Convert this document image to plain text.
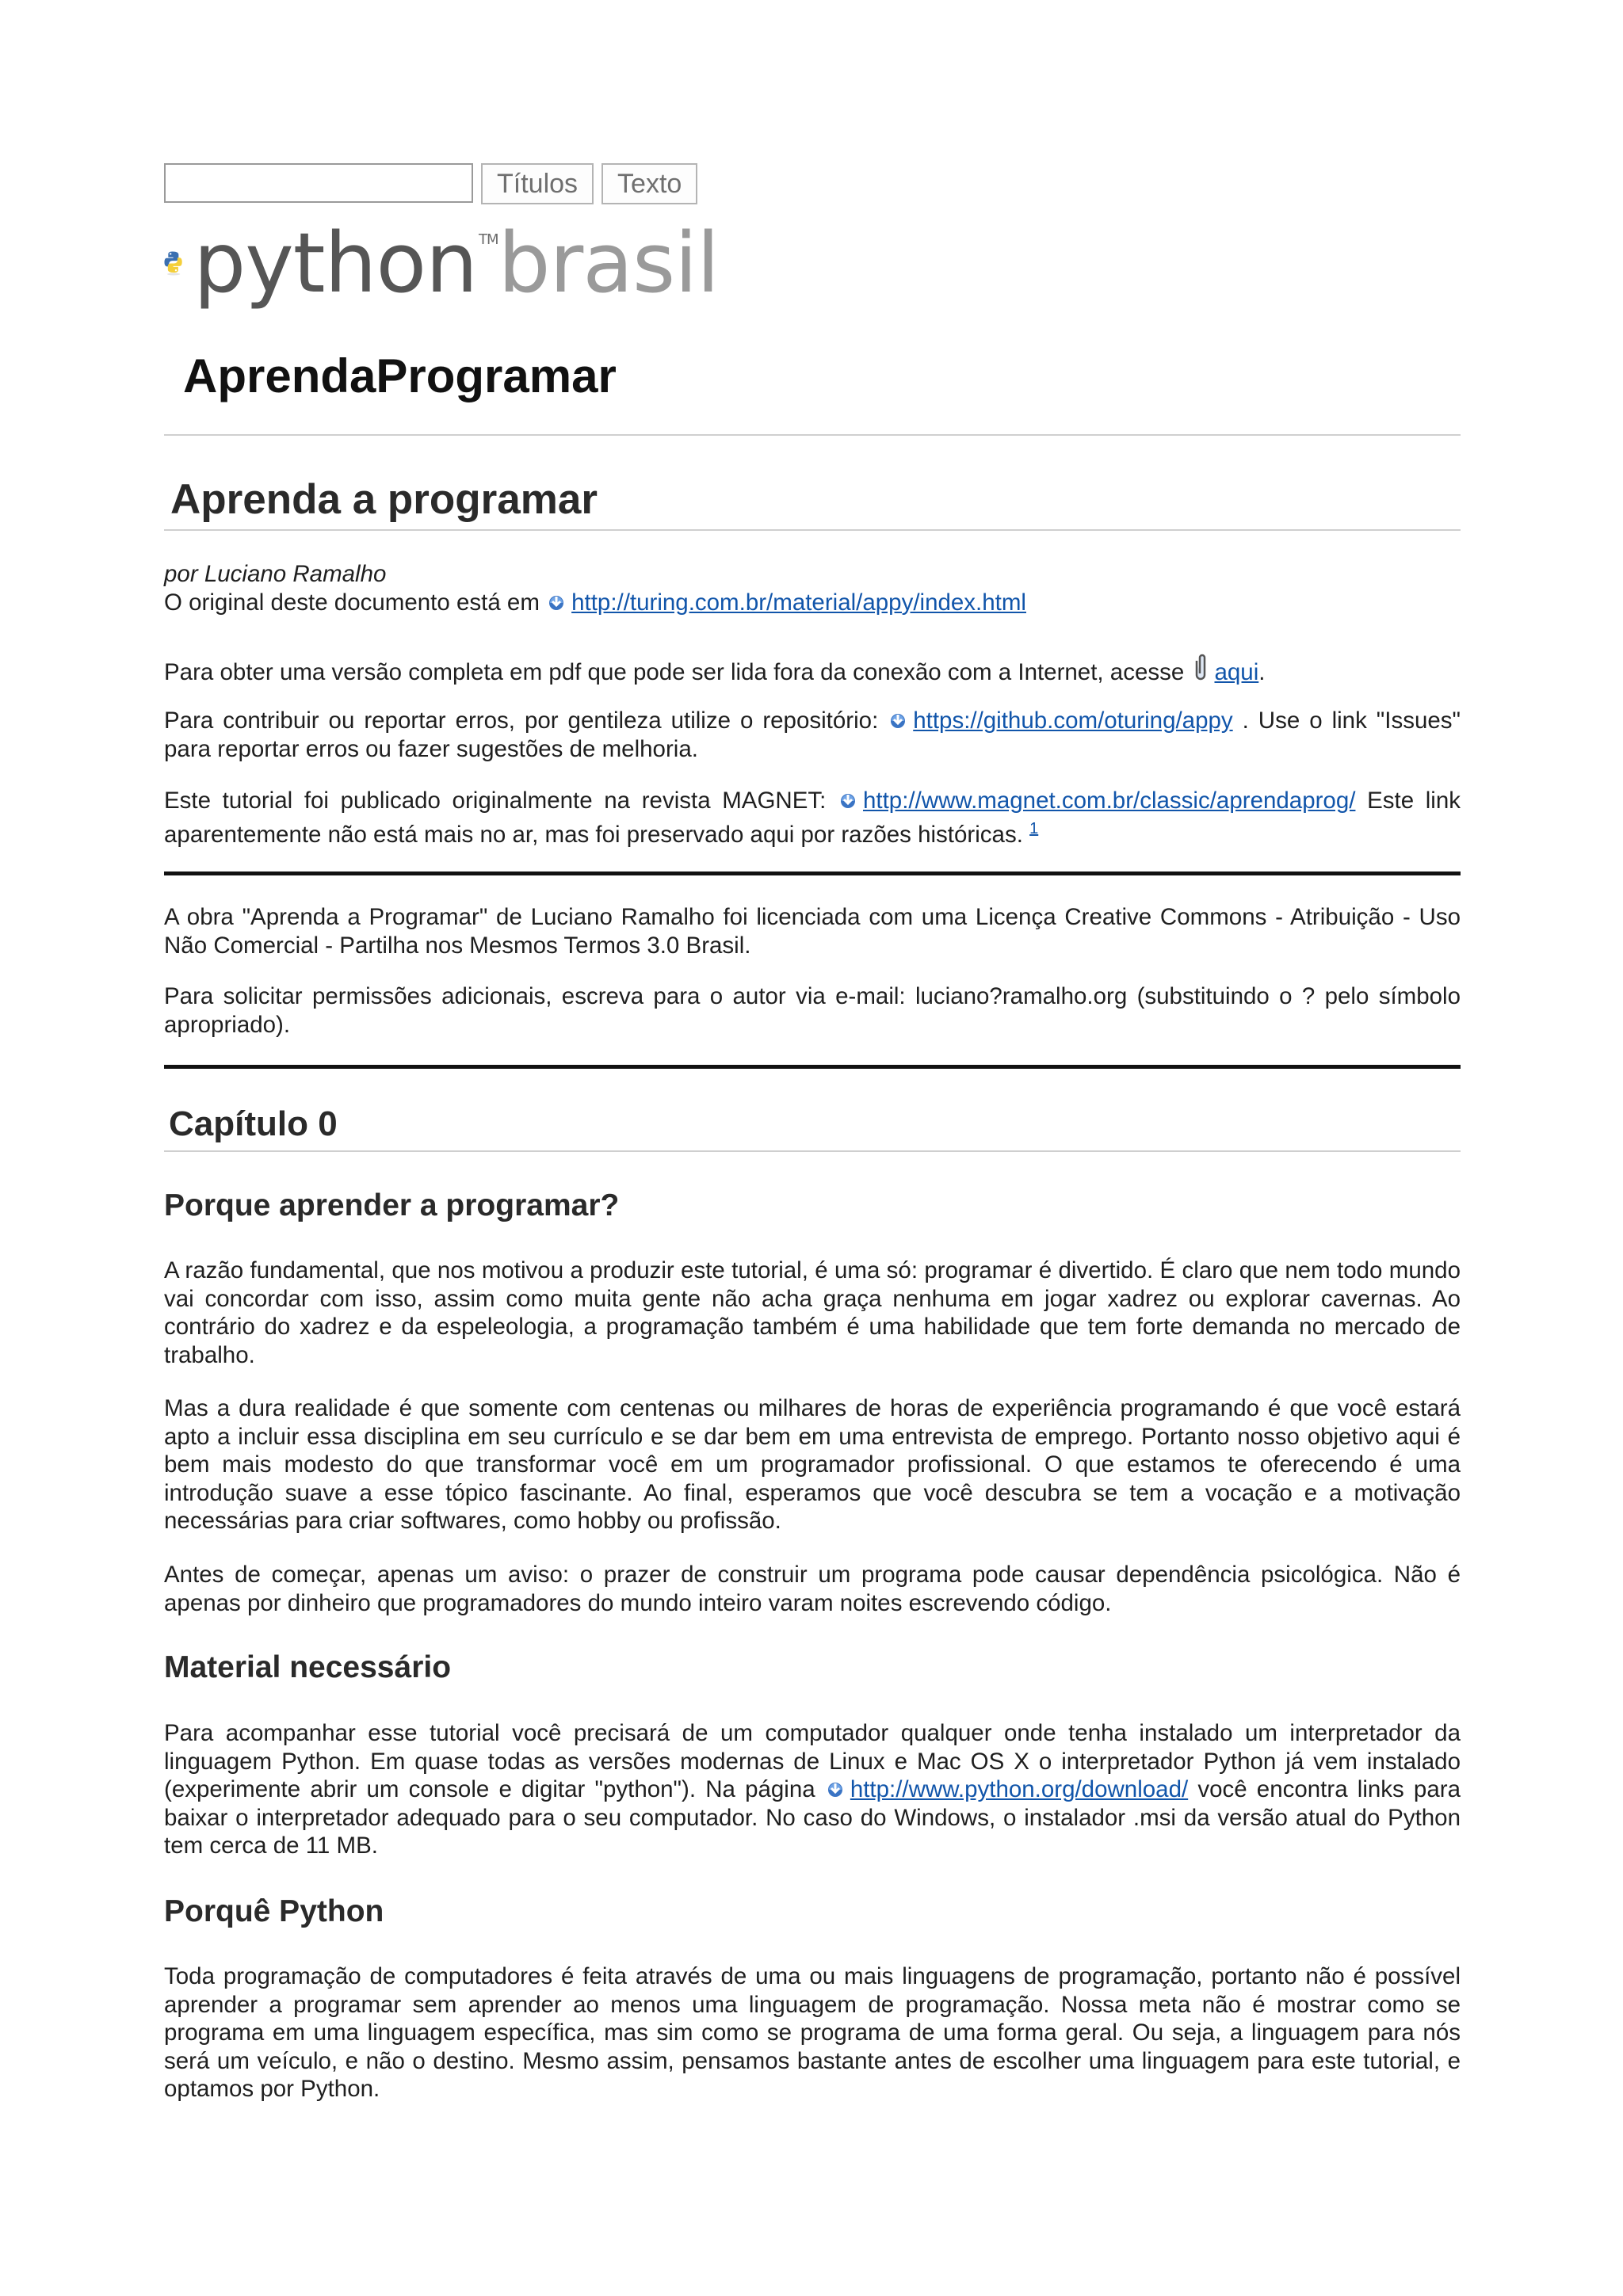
Títulos	Texto
python ™brasil
AprendaProgramar
Aprenda a programar
por Luciano Ramalho
O original deste documento está em http://turing.com.br/material/appy/index.html

Para obter uma versão completa em pdf que pode ser lida fora da conexão com a Internet, acesse aqui.

Para contribuir ou reportar erros, por gentileza utilize o repositório: https://github.com/oturing/appy . Use o link "Issues" para reportar erros ou fazer sugestões de melhoria.

Este tutorial foi publicado originalmente na revista MAGNET: http://www.magnet.com.br/classic/aprendaprog/ Este link aparentemente não está mais no ar, mas foi preservado aqui por razões históricas. $^1$

A obra "Aprenda a Programar" de Luciano Ramalho foi licenciada com uma Licença Creative Commons - Atribuição - Uso Não Comercial - Partilha nos Mesmos Termos 3.0 Brasil.

Para solicitar permissões adicionais, escreva para o autor via e-mail: luciano?ramalho.org (substituindo o ? pelo símbolo apropriado).

Capítulo 0
Porque aprender a programar?

A razão fundamental, que nos motivou a produzir este tutorial, é uma só: programar é divertido. É claro que nem todo mundo vai concordar com isso, assim como muita gente não acha graça nenhuma em jogar xadrez ou explorar cavernas. Ao contrário do xadrez e da espeleologia, a programação também é uma habilidade que tem forte demanda no mercado de trabalho.

Mas a dura realidade é que somente com centenas ou milhares de horas de experiência programando é que você estará apto a incluir essa disciplina em seu currículo e se dar bem em uma entrevista de emprego. Portanto nosso objetivo aqui é bem mais modesto do que transformar você em um programador profissional. O que estamos te oferecendo é uma introdução suave a esse tópico fascinante. Ao final, esperamos que você descubra se tem a vocação e a motivação necessárias para criar softwares, como hobby ou profissão.

Antes de começar, apenas um aviso: o prazer de construir um programa pode causar dependência psicológica. Não é apenas por dinheiro que programadores do mundo inteiro varam noites escrevendo código.

Material necessário

Para acompanhar esse tutorial você precisará de um computador qualquer onde tenha instalado um interpretador da linguagem Python. Em quase todas as versões modernas de Linux e Mac OS X o interpretador Python já vem instalado (experimente abrir um console e digitar "python"). Na página http://www.python.org/download/ você encontra links para baixar o interpretador adequado para o seu computador. No caso do Windows, o instalador .msi da versão atual do Python tem cerca de 11 MB.

Porquê Python

Toda programação de computadores é feita através de uma ou mais linguagens de programação, portanto não é possível aprender a programar sem aprender ao menos uma linguagem de programação. Nossa meta não é mostrar como se programa em uma linguagem específica, mas sim como se programa de uma forma geral. Ou seja, a linguagem para nós será um veículo, e não o destino. Mesmo assim, pensamos bastante antes de escolher uma linguagem para este tutorial, e optamos por Python.
